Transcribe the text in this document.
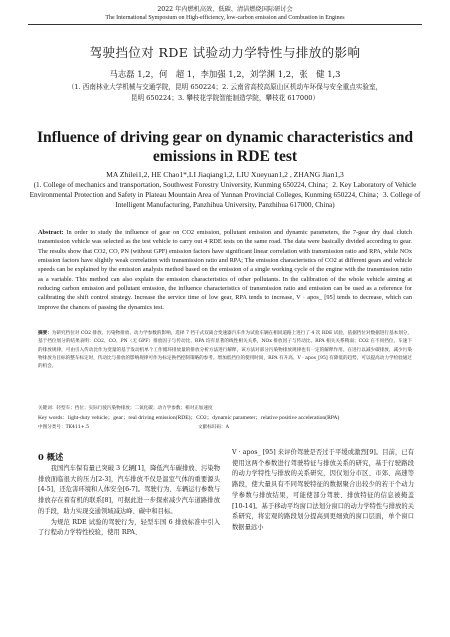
2022 年内燃机高效、低碳、清洁燃烧国际研讨会
The International Symposium on High-efficiency, low-carbon emission and Combustion in Engines
驾驶挡位对 RDE 试验动力学特性与排放的影响
马志磊 1,2，何　超 1，李加强 1,2，刘学渊 1,2，张　健 1,3
（1. 西南林业大学机械与交通学院，昆明 650224；2. 云南省高校高原山区机动车环保与安全重点实验室，
昆明 650224；3. 攀枝花学院智能制造学院，攀枝花 617000）
Influence of driving gear on dynamic characteristics and emissions in RDE test
MA Zhilei1,2, HE Chao1*,LI Jiaqiang1,2, LIU Xueyuan1,2 , ZHANG Jian1,3
(1. College of mechanics and transportation, Southwest Forestry University, Kunming 650224, China；2. Key Laboratory of Vehicle Environmental Protection and Safety in Plateau Mountain Area of Yunnan Provincial Colleges, Kunming 650224, China；3. College of Intelligent Manufacturing, Panzhihua University, Panzhihua 617000, China)
Abstract: In order to study the influence of gear on CO2 emission, pollutant emission and dynamic parameters, the 7-gear dry dual clutch transmission vehicle was selected as the test vehicle to carry out 4 RDE tests on the same road. The data were basically divided according to gear. The results show that CO2, CO, PN (without GPF) emission factors have significant linear correlation with transmission ratio and RPA, while NOx emission factors have slightly weak correlation with transmission ratio and RPA; The emission characteristics of CO2 at different gears and vehicle speeds can be explained by the emission analysis method based on the emission of a single working cycle of the engine with the transmission ratio as a variable. This method can also explain the emission characteristics of other pollutants. In the calibration of the whole vehicle aiming at reducing carbon emission and pollutant emission, the influence characteristics of transmission ratio and emission can be used as a reference for calibrating the shift control strategy. Increase the service time of low gear, RPA tends to increase, V · apos_ [95] tends to decrease, which can improve the chances of passing the dynamics test.
摘要：为研究挡位对 CO2 排放、污染物排放、动力学参数的影响，选择 7 挡干式双离合变速器汽车作为试验车辆在相同道路上进行了 4 次 RDE 试验，依据挡位对数据进行基本划分，基于挡位划分的结果表明：CO2、CO、PN（无 GPF）排放因子与传动比、RPA 均有显著的线性相关关系，NOx 排放因子与传动比、RPA 相关关系稍弱；CO2 在不同挡位、车速下的排放规律，可由引入传动比作为变量的基于发动机单个工作循环排放量的排放分析方法进行解释，该方法对部分污染物排放规律也有一定的解释作用。在进行以减少碳排放、减少污染物排放为目标的整车标定时，传动比与排放的影响规律可作为标定换挡控制策略的参考。增加低挡位的使用时间，RPA 有升高、V · apos_[95] 有降低的趋势，可以提高动力学检验通过的机会。
关键词：轻型车；挡位；实际行驶污染物排放；二氧化碳；动力学参数；相对正加速度
Key words：light-duty vehicle；gear；real driving emission(RDE)；CO2；dynamic parameter；relative positive acceleration(RPA)
中图分类号：TK411+.5	文献标识码：A
0 概述

我国汽车保有量已突破 3 亿辆[1]，降低汽车碳排放、污染物排放面临很大的压力[2-3]，汽车排放不仅是温室气体的重要源头[4-5]，还危害环境和人体安全[6-7]。驾驶行为、车辆运行参数与排放存在着有机的联系[8]，可据此进一步探索减少汽车道路排放的手段，助力实现交通领域减达峰、碳中和目标。

为规范 RDE 试验的驾驶行为，轻型车国 6 排放标准中引入了行程动力学特性校验，使用 RPA、

V · apos_ [95] 来评价驾驶是否过于平缓或激烈[9]。目前，已有使用这两个参数进行驾驶特征与排放关系的研究，基于行驶路段的动力学特性与排放的关系研究，因仅划分市区、市郊、高速等路段，使大量具有不同驾驶特征的数据聚合出较少的若干个动力学参数与排放结果，可能使部分驾驶、排放特征的信息被掩盖[10-14]。基于移动平均窗口法划分窗口的动力学特性与排放的关系研究，将宏观的路段划分提高到更细致的窗口层面，单个窗口数据量远小
